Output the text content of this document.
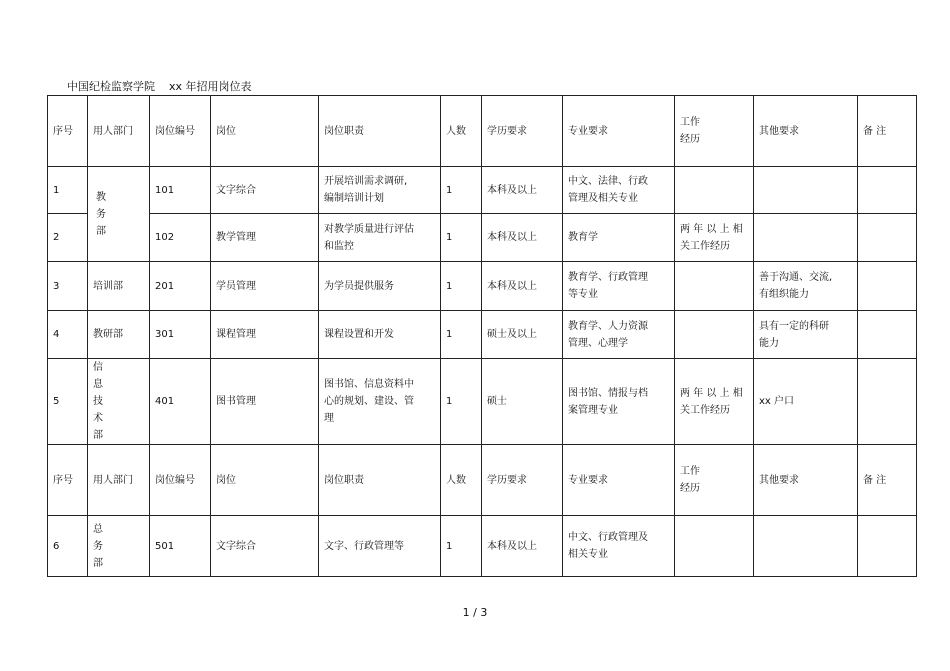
中国纪检监察学院    xx 年招用岗位表
序号	用人部门	岗位编号	岗位	岗位职责	人数	学历要求	专业要求	工作
经历	其他要求	备 注
1	教
务
部	101	文字综合	开展培训需求调研,
编制培训计划	1	本科及以上	中文、法律、行政
管理及相关专业			

2		102	教学管理	对教学质量进行评估
和监控	1	本科及以上	教育学	两 年 以 上 相
关工作经历		

3	培训部	201	学员管理	为学员提供服务	1	本科及以上	教育学、行政管理
等专业		善于沟通、交流,
有组织能力	

4	教研部	301	课程管理	课程设置和开发	1	硕士及以上	教育学、人力资源
管理、心理学		具有一定的科研
能力	

5	信
息
技
术
部	401	图书管理	图书馆、信息资料中
心的规划、建设、管
理	1	硕士	图书馆、情报与档
案管理专业	两 年 以 上 相
关工作经历	xx 户口	

序号	用人部门	岗位编号	岗位	岗位职责	人数	学历要求	专业要求	工作
经历	其他要求	备 注
6	总
务
部	501	文字综合	文字、行政管理等	1	本科及以上	中文、行政管理及
相关专业			

1 / 3
